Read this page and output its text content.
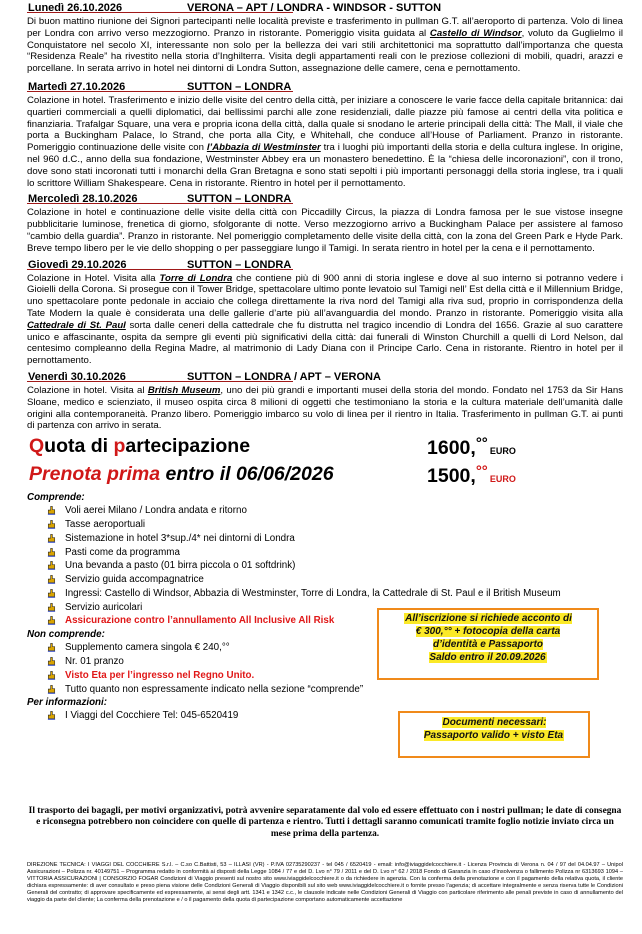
Lunedì 26.10.2026	VERONA – APT / LONDRA - WINDSOR - SUTTON

Di buon mattino riunione dei Signori partecipanti nelle località previste e trasferimento in pullman G.T. all’aeroporto di partenza. Volo di linea per Londra con arrivo verso mezzogiorno. Pranzo in ristorante. Pomeriggio visita guidata al Castello di Windsor, voluto da Guglielmo il Conquistatore nel secolo XI, interessante non solo per la bellezza dei vari stili architettonici ma soprattutto dall’importanza che questa “Residenza Reale” ha rivestito nella storia d’Inghilterra. Visita degli appartamenti reali con le preziose collezioni di mobili, quadri, arazzi e porcellane. In serata arrivo in hotel nei dintorni di Londra Sutton, assegnazione delle camere, cena e pernottamento.

Martedì 27.10.2026	SUTTON – LONDRA

Colazione in hotel. Trasferimento e inizio delle visite del centro della città, per iniziare a conoscere le varie facce della capitale britannica: dai quartieri commerciali a quelli diplomatici, dai bellissimi parchi alle zone residenziali, dalle piazze più famose ai centri della vita politica e finanziaria. Trafalgar Square, una vera e propria icona della città, dalla quale si snodano le arterie principali della città: The Mall, il viale che porta a Buckingham Palace, lo Strand, che porta alla City, e Whitehall, che conduce all’House of Parliament. Pranzo in ristorante. Pomeriggio continuazione delle visite con l’Abbazia di Westminster tra i luoghi più importanti della storia e della cultura inglese. In origine, nel 960 d.C., anno della sua fondazione, Westminster Abbey era un monastero benedettino. È la “chiesa delle incoronazioni”, con il trono, dove sono stati incoronati tutti i monarchi della Gran Bretagna e sono stati sepolti i più importanti personaggi della storia inglese, tra i quali lo scrittore William Shakespeare. Cena in ristorante. Rientro in hotel per il pernottamento.

Mercoledì 28.10.2026	SUTTON – LONDRA

Colazione in hotel e continuazione delle visite della città con Piccadilly Circus, la piazza di Londra famosa per le sue vistose insegne pubblicitarie luminose, frenetica di giorno, sfolgorante di notte. Verso mezzogiorno arrivo a Buckingham Palace per assistere al famoso “cambio della guardia”. Pranzo in ristorante. Nel pomeriggio completamento delle visite della città, con la zona del Green Park e Hyde Park. Breve tempo libero per le vie dello shopping o per passeggiare lungo il Tamigi. In serata rientro in hotel per la cena e il pernottamento.

Giovedì 29.10.2026	SUTTON – LONDRA

Colazione in Hotel. Visita alla Torre di Londra che contiene più di 900 anni di storia inglese e dove al suo interno si potranno vedere i Gioielli della Corona. Si prosegue con il Tower Bridge, spettacolare ultimo ponte levatoio sul Tamigi nell’ Est della città e il Millennium Bridge, uno spettacolare ponte pedonale in acciaio che collega direttamente la riva nord del Tamigi alla riva sud, proprio in corrispondenza della Tate Modern la quale è considerata una delle gallerie d’arte più all’avanguardia del mondo. Pranzo in ristorante. Pomeriggio visita alla Cattedrale di St. Paul sorta dalle ceneri della cattedrale che fu distrutta nel tragico incendio di Londra del 1656. Grazie al suo carattere unico e affascinante, ospita da sempre gli eventi più significativi della città: dai funerali di Winston Churchill a quelli di Lord Nelson, dal centesimo compleanno della Regina Madre, al matrimonio di Lady Diana con il Principe Carlo. Cena in ristorante. Rientro in hotel per il pernottamento.

Venerdì 30.10.2026	SUTTON – LONDRA / APT – VERONA

Colazione in hotel. Visita al British Museum, uno dei più grandi e importanti musei della storia del mondo. Fondato nel 1753 da Sir Hans Sloane, medico e scienziato, il museo ospita circa 8 milioni di oggetti che testimoniano la storia e la cultura materiale dell’umanità dalle origini alla contemporaneità. Pranzo libero. Pomeriggio imbarco su volo di linea per il rientro in Italia. Trasferimento in pullman G.T. ai punti di partenza con arrivo in serata.

Quota di partecipazione	1600,°° EURO
Prenota prima entro il 06/06/2026	1500,°° EURO

Comprende:

Voli aerei Milano / Londra andata e ritorno
Tasse aeroportuali
Sistemazione in hotel 3*sup./4* nei dintorni di Londra
Pasti come da programma
Una bevanda a pasto (01 birra piccola o 01 softdrink)
Servizio guida accompagnatrice
Ingressi: Castello di Windsor, Abbazia di Westminster, Torre di Londra, la Cattedrale di St. Paul e il British Museum
Servizio auricolari
Assicurazione contro l’annullamento All Inclusive All Risk

Non comprende:

Supplemento camera singola € 240,°°
Nr. 01 pranzo
Visto Eta per l’ingresso nel Regno Unito.
Tutto quanto non espressamente indicato nella sezione “comprende”

Per informazioni:

I Viaggi del Cocchiere Tel: 045-6520419
All’iscrizione si richiede acconto di
€ 300,°° + fotocopia della carta
d’identità e Passaporto
Saldo entro il 20.09.2026
Documenti necessari:
Passaporto valido + visto Eta

Il trasporto dei bagagli, per motivi organizzativi, potrà avvenire separatamente dal volo ed essere effettuato con i nostri pullman; le date di consegna e riconsegna potrebbero non coincidere con quelle di partenza e rientro. Tutti i dettagli saranno comunicati tramite foglio notizie inviato circa un mese prima della partenza.

DIREZIONE TECNICA: I VIAGGI DEL COCCHIERE S.r.l. – C.so C.Battisti, 53 – ILLASI (VR) - P.IVA 02735290237 - tel 045 / 6520419 - email: info@iviaggidelcocchiere.it - Licenza Provincia di Verona n. 04 / 97 del 04.04.97 – Unipol Assicurazioni – Polizza nr. 40149751 – Programma redatto in conformità ai disposti della Legge 1084 / 77 e del D. Lvo n° 79 / 2011 e del D. Lvo n° 62 / 2018 Fondo di Garanzia in caso d’insolvenza o fallimento Polizza nr 6313693 1094 – VITTORIA ASSICURAZIONI | CONSORZIO FOGAR Condizioni di Viaggio presenti sul nostro sito www.iviaggidelcocchiere.it o da richiedere in agenzia. Con la conferma della prenotazione e con il pagamento della relativa quota, il cliente dichiara espressamente: di aver consultato e preso piena visione delle Condizioni Generali di Viaggio disponibili sul sito web www.iviaggidelcocchiere.it o fornite presso l’agenzia; di accettare integralmente e senza riserva tutte le Condizioni Generali del contratto; di approvare specificamente ed espressamente, ai sensi degli artt. 1341 e 1342 c.c., le clausole indicate nelle Condizioni Generali di Viaggio con particolare riferimento alle penali previste in caso di annullamento del viaggio da parte del cliente; La conferma della prenotazione e / o il pagamento della quota di partecipazione comportano automaticamente accettazione
